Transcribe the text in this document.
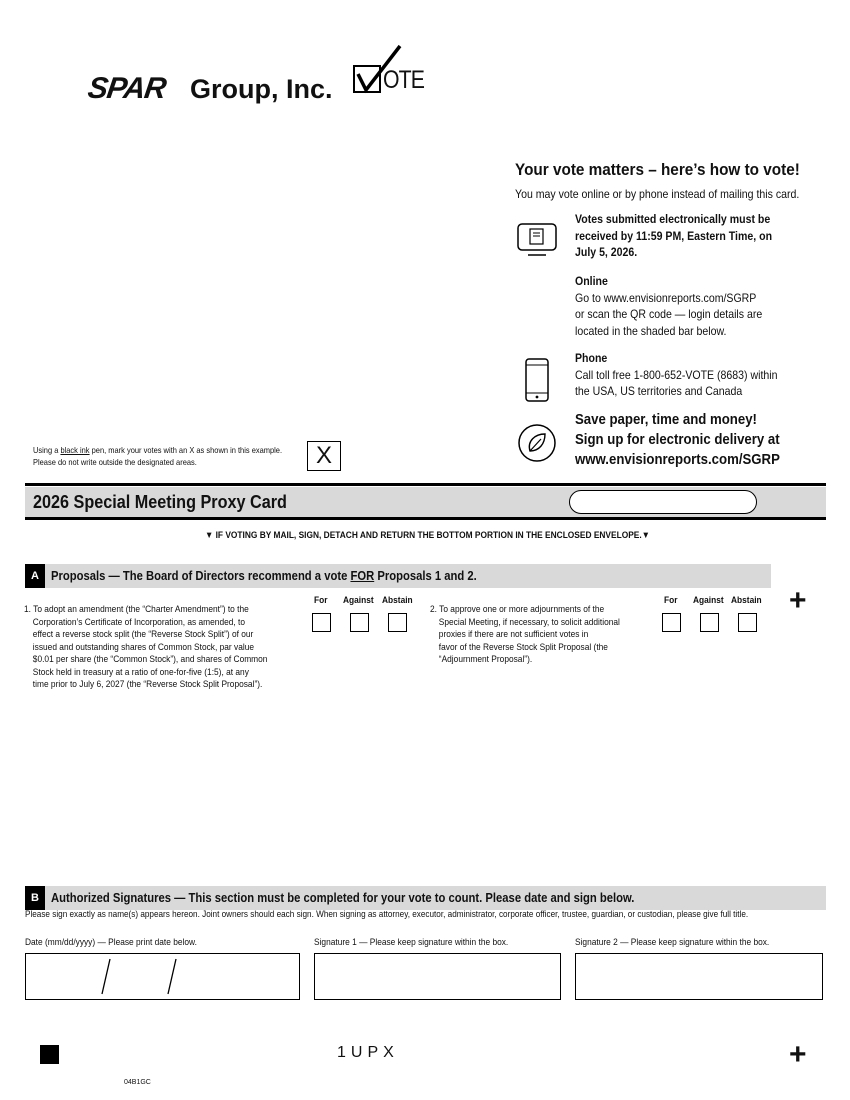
SPAR Group, Inc. OTE
Your vote matters – here’s how to vote!
You may vote online or by phone instead of mailing this card.
Votes submitted electronically must be
received by 11:59 PM, Eastern Time, on
July 5, 2026.
Online
Go to www.envisionreports.com/SGRP
or scan the QR code — login details are
located in the shaded bar below.
Phone
Call toll free 1-800-652-VOTE (8683) within
the USA, US territories and Canada
Save paper, time and money!
Sign up for electronic delivery at
www.envisionreports.com/SGRP
Using a black ink pen, mark your votes with an X as shown in this example.
Please do not write outside the designated areas.	X
2026 Special Meeting Proxy Card
▼ IF VOTING BY MAIL, SIGN, DETACH AND RETURN THE BOTTOM PORTION IN THE ENCLOSED ENVELOPE.▼
A Proposals — The Board of Directors recommend a vote FOR Proposals 1 and 2.
+
1. To adopt an amendment (the “Charter Amendment”) to the
Corporation’s Certificate of Incorporation, as amended, to
effect a reverse stock split (the “Reverse Stock Split”) of our
issued and outstanding shares of Common Stock, par value
$0.01 per share (the “Common Stock”), and shares of Common
Stock held in treasury at a ratio of one-for-five (1:5), at any
time prior to July 6, 2027 (the “Reverse Stock Split Proposal”).
For Against Abstain
2. To approve one or more adjournments of the
Special Meeting, if necessary, to solicit additional
proxies if there are not sufficient votes in
favor of the Reverse Stock Split Proposal (the
“Adjournment Proposal”).
For Against Abstain
B Authorized Signatures — This section must be completed for your vote to count. Please date and sign below.
Please sign exactly as name(s) appears hereon. Joint owners should each sign. When signing as attorney, executor, administrator, corporate officer, trustee, guardian, or custodian, please give full title.
Date (mm/dd/yyyy) — Please print date below.	Signature 1 — Please keep signature within the box.	Signature 2 — Please keep signature within the box.
1UPX	+
04B1GC
